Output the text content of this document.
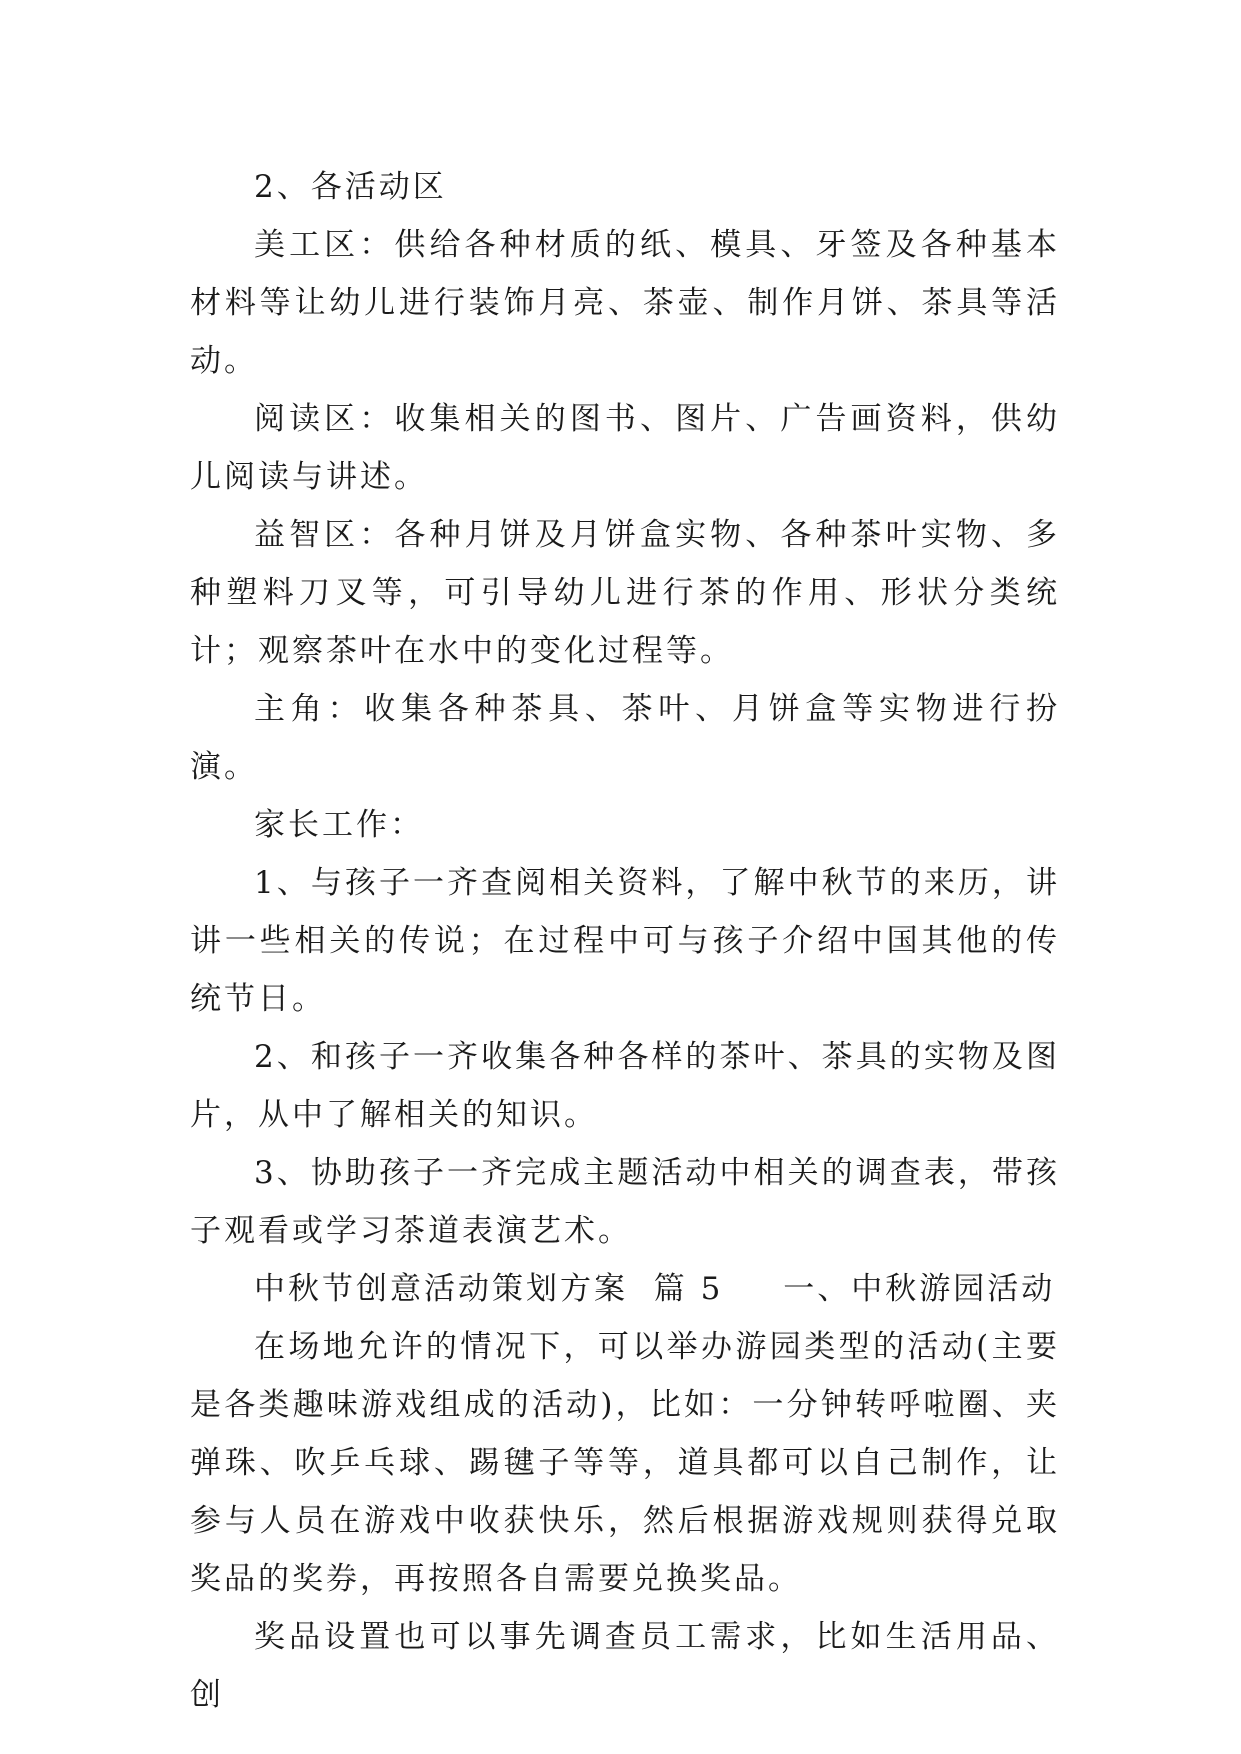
2、各活动区

美工区：供给各种材质的纸、模具、牙签及各种基本材料等让幼儿进行装饰月亮、茶壶、制作月饼、茶具等活动。

阅读区：收集相关的图书、图片、广告画资料，供幼儿阅读与讲述。

益智区：各种月饼及月饼盒实物、各种茶叶实物、多种塑料刀叉等，可引导幼儿进行茶的作用、形状分类统计；观察茶叶在水中的变化过程等。

主角：收集各种茶具、茶叶、月饼盒等实物进行扮演。

家长工作：

1、与孩子一齐查阅相关资料，了解中秋节的来历，讲讲一些相关的传说；在过程中可与孩子介绍中国其他的传统节日。

2、和孩子一齐收集各种各样的茶叶、茶具的实物及图片，从中了解相关的知识。

3、协助孩子一齐完成主题活动中相关的调查表，带孩子观看或学习茶道表演艺术。

中秋节创意活动策划方案 篇 5 一、中秋游园活动

在场地允许的情况下，可以举办游园类型的活动(主要是各类趣味游戏组成的活动)，比如：一分钟转呼啦圈、夹弹珠、吹乒乓球、踢毽子等等，道具都可以自己制作，让参与人员在游戏中收获快乐，然后根据游戏规则获得兑取奖品的奖券，再按照各自需要兑换奖品。

奖品设置也可以事先调查员工需求，比如生活用品、创
